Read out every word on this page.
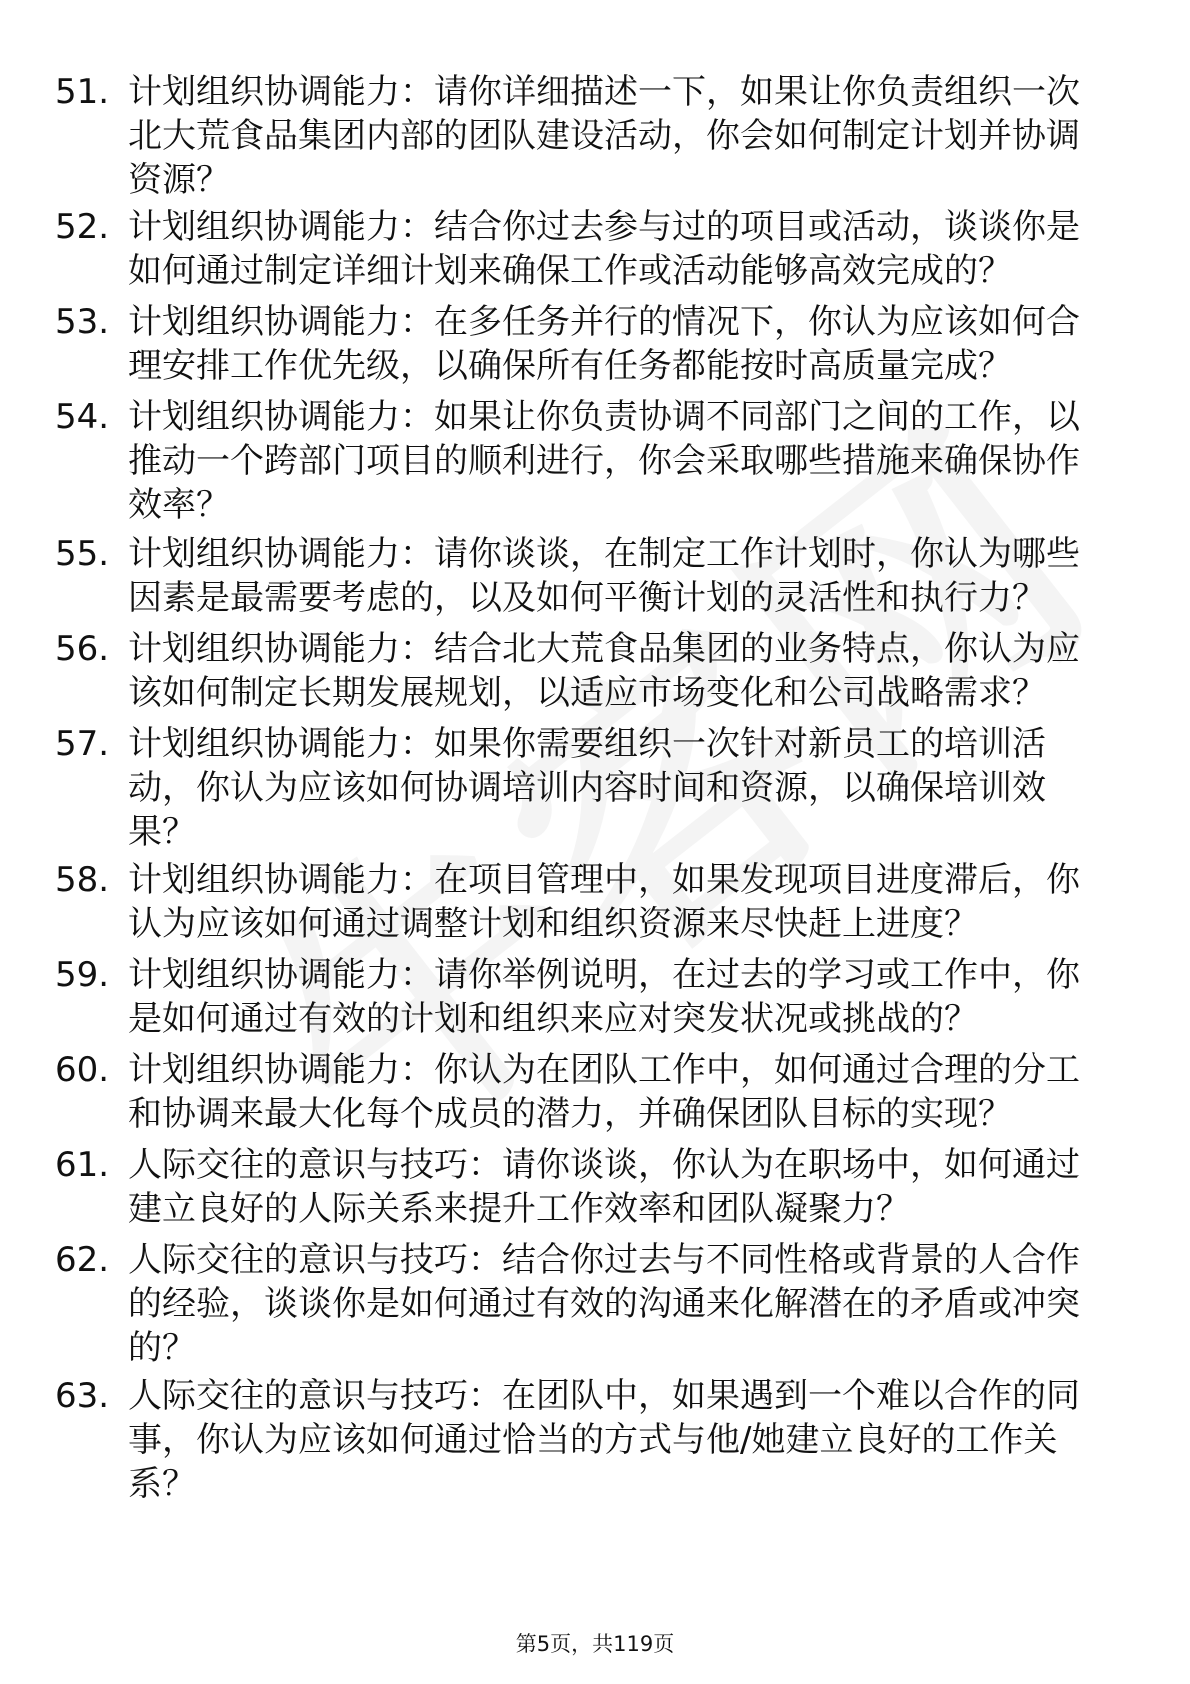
51. 计划组织协调能力：请你详细描述一下，如果让你负责组织一次
北大荒食品集团内部的团队建设活动，你会如何制定计划并协调
资源？
52. 计划组织协调能力：结合你过去参与过的项目或活动，谈谈你是
如何通过制定详细计划来确保工作或活动能够高效完成的？
53. 计划组织协调能力：在多任务并行的情况下，你认为应该如何合
理安排工作优先级，以确保所有任务都能按时高质量完成？
54. 计划组织协调能力：如果让你负责协调不同部门之间的工作，以
推动一个跨部门项目的顺利进行，你会采取哪些措施来确保协作
效率？
55. 计划组织协调能力：请你谈谈，在制定工作计划时，你认为哪些
因素是最需要考虑的，以及如何平衡计划的灵活性和执行力？
56. 计划组织协调能力：结合北大荒食品集团的业务特点，你认为应
该如何制定长期发展规划，以适应市场变化和公司战略需求？
57. 计划组织协调能力：如果你需要组织一次针对新员工的培训活
动，你认为应该如何协调培训内容时间和资源，以确保培训效
果？
58. 计划组织协调能力：在项目管理中，如果发现项目进度滞后，你
认为应该如何通过调整计划和组织资源来尽快赶上进度？
59. 计划组织协调能力：请你举例说明，在过去的学习或工作中，你
是如何通过有效的计划和组织来应对突发状况或挑战的？
60. 计划组织协调能力：你认为在团队工作中，如何通过合理的分工
和协调来最大化每个成员的潜力，并确保团队目标的实现？
61. 人际交往的意识与技巧：请你谈谈，你认为在职场中，如何通过
建立良好的人际关系来提升工作效率和团队凝聚力？
62. 人际交往的意识与技巧：结合你过去与不同性格或背景的人合作
的经验，谈谈你是如何通过有效的沟通来化解潜在的矛盾或冲突
的？
63. 人际交往的意识与技巧：在团队中，如果遇到一个难以合作的同
事，你认为应该如何通过恰当的方式与他/她建立良好的工作关
系？
第5页，共119页
